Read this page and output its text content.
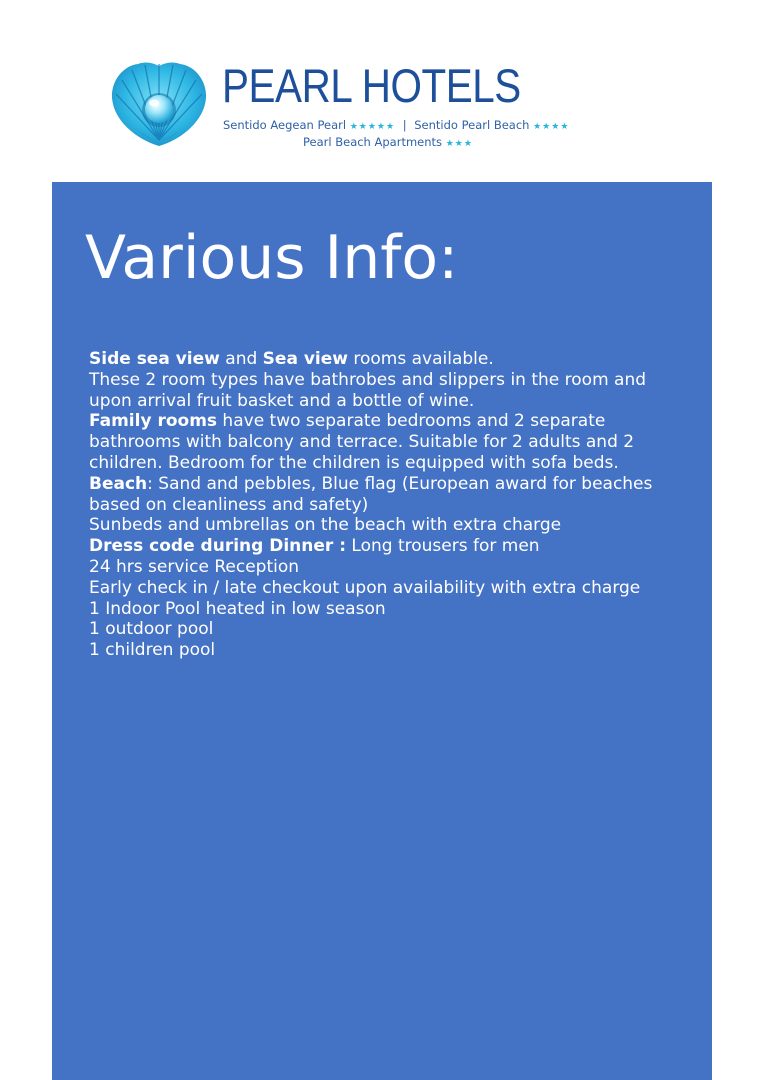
PEARL HOTELS
Sentido Aegean Pearl ★★★★★ | Sentido Pearl Beach ★★★★
Pearl Beach Apartments ★★★
Various Info:

Side sea view and Sea view rooms available.

These 2 room types have bathrobes and slippers in the room and upon arrival fruit basket and a bottle of wine.

Family rooms have two separate bedrooms and 2 separate bathrooms with balcony and terrace. Suitable for 2 adults and 2 children. Bedroom for the children is equipped with sofa beds.

Beach: Sand and pebbles, Blue flag (European award for beaches based on cleanliness and safety)

Sunbeds and umbrellas on the beach with extra charge

Dress code during Dinner : Long trousers for men

24 hrs service Reception

Early check in / late checkout upon availability with extra charge

1 Indoor Pool heated in low season

1 outdoor pool

1 children pool
